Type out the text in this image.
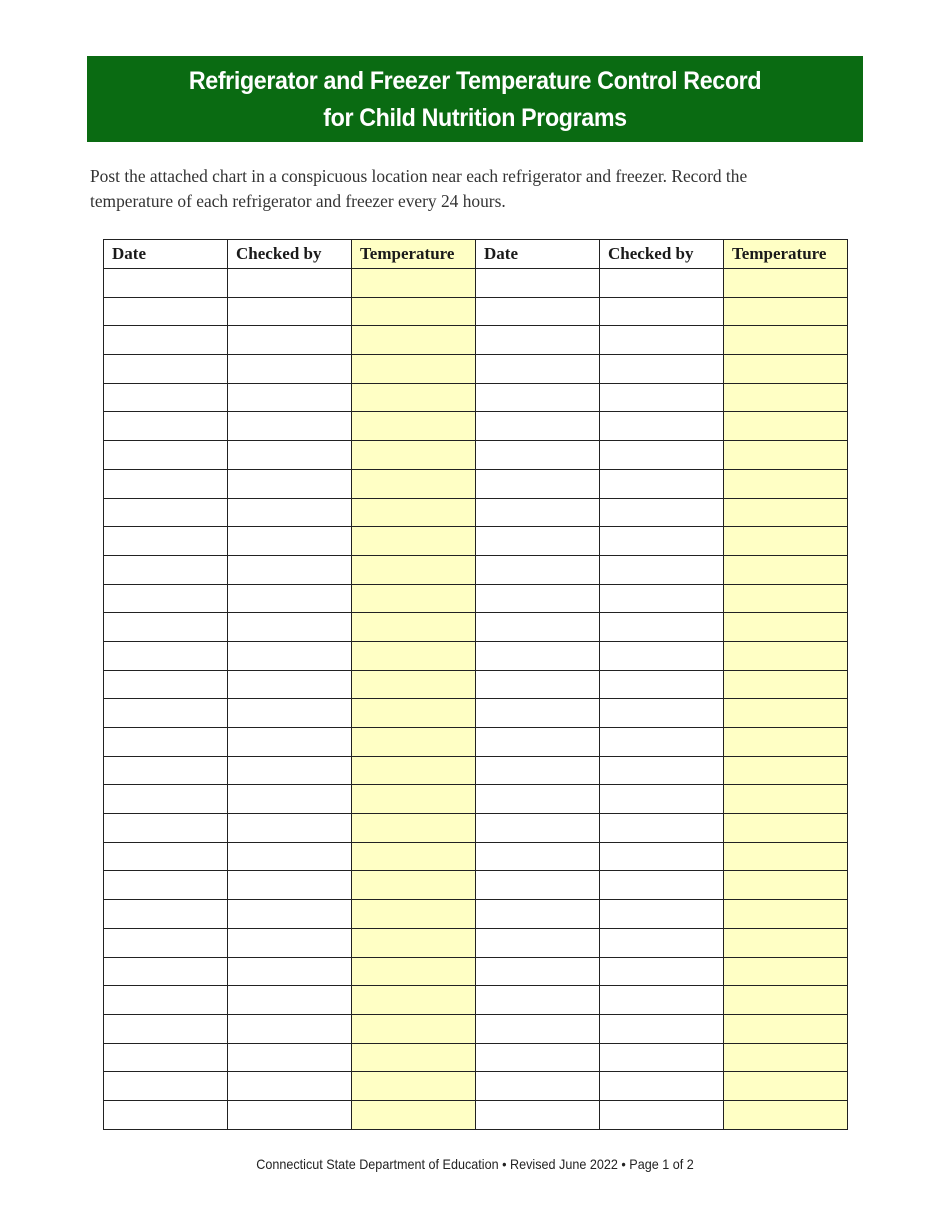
Refrigerator and Freezer Temperature Control Record
for Child Nutrition Programs
Post the attached chart in a conspicuous location near each refrigerator and freezer. Record the temperature of each refrigerator and freezer every 24 hours.
Date	Checked by	Temperature	Date	Checked by	Temperature

Connecticut State Department of Education • Revised June 2022 • Page 1 of 2
